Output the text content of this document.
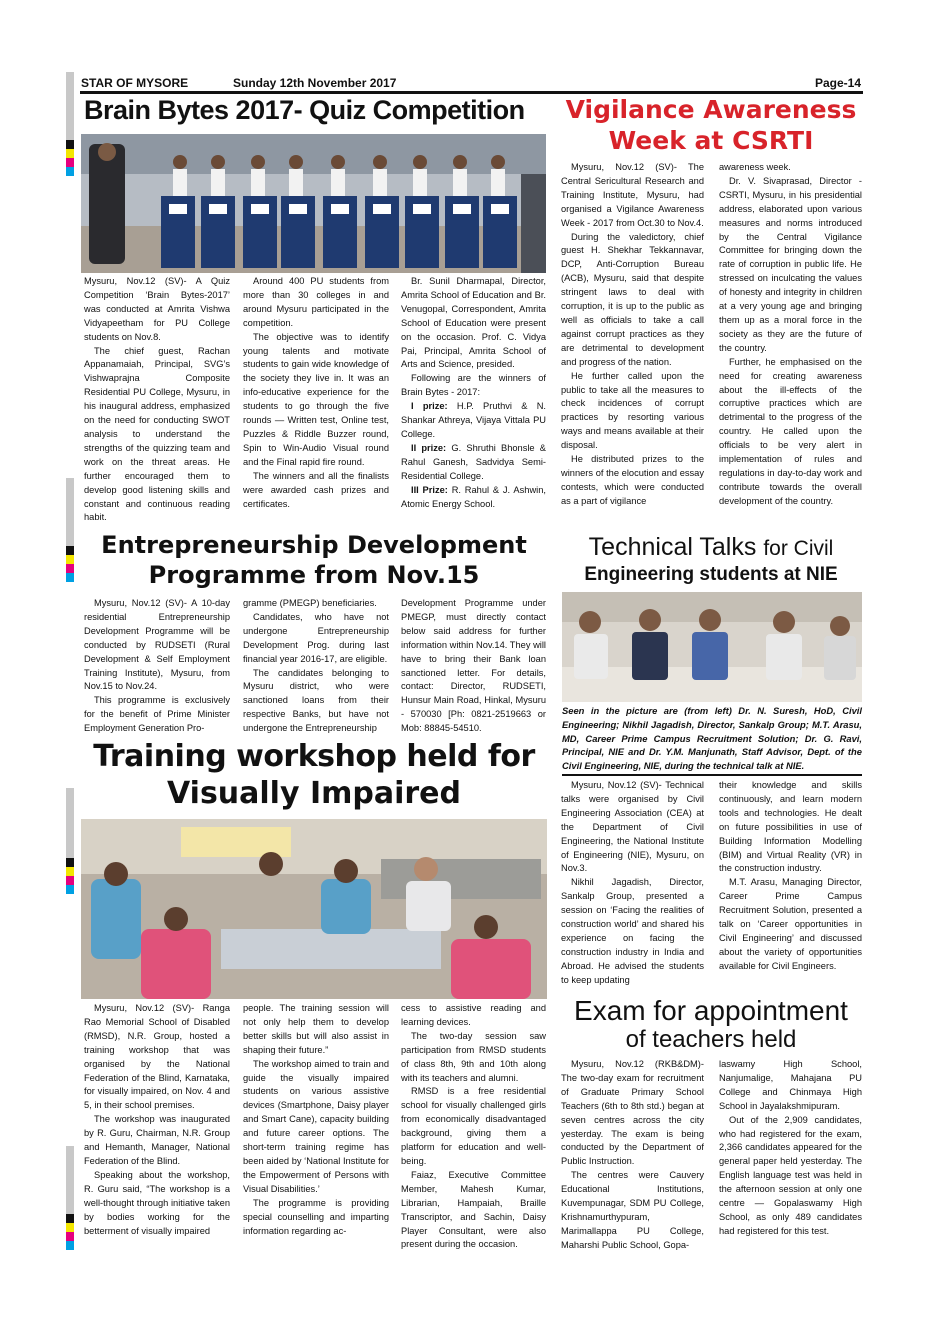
STAR OF MYSORE	Sunday 12th November 2017	Page-14
Brain Bytes 2017- Quiz Competition

Mysuru, Nov.12 (SV)- A Quiz Competition ‘Brain Bytes-2017’ was conducted at Amrita Vishwa Vidyapeetham for PU College students on Nov.8.

The chief guest, Rachan Appanamaiah, Principal, SVG’s Vishwaprajna Composite Residential PU College, Mysuru, in his inaugural address, emphasized on the need for conducting SWOT analysis to understand the strengths of the quizzing team and work on the threat areas. He further encouraged them to develop good listening skills and constant and continuous reading habit.

Around 400 PU students from more than 30 colleges in and around Mysuru participated in the competition.

The objective was to identify young talents and motivate students to gain wide knowledge of the society they live in. It was an info-educative experience for the students to go through the five rounds — Written test, Online test, Puzzles & Riddle Buzzer round, Spin to Win-Audio Visual round and the Final rapid fire round.

The winners and all the finalists were awarded cash prizes and certificates.

Br. Sunil Dharmapal, Director, Amrita School of Education and Br. Venugopal, Correspondent, Amrita School of Education were present on the occasion. Prof. C. Vidya Pai, Principal, Amrita School of Arts and Science, presided.

Following are the winners of Brain Bytes - 2017:

I prize: H.P. Pruthvi & N. Shankar Athreya, Vijaya Vittala PU College.

II prize: G. Shruthi Bhonsle & Rahul Ganesh, Sadvidya Semi-Residential College.

III Prize: R. Rahul & J. Ashwin, Atomic Energy School.

Vigilance Awareness
Week at CSRTI

Mysuru, Nov.12 (SV)- The Central Sericultural Research and Training Institute, Mysuru, had organised a Vigilance Awareness Week - 2017 from Oct.30 to Nov.4.

During the valedictory, chief guest H. Shekhar Tekkannavar, DCP, Anti-Corruption Bureau (ACB), Mysuru, said that despite stringent laws to deal with corruption, it is up to the public as well as officials to take a call against corrupt practices as they are detrimental to development and progress of the nation.

He further called upon the public to take all the measures to check incidences of corrupt practices by resorting various ways and means available at their disposal.

He distributed prizes to the winners of the elocution and essay contests, which were conducted as a part of vigilance

awareness week.

Dr. V. Sivaprasad, Director - CSRTI, Mysuru, in his presidential address, elaborated upon various measures and norms introduced by the Central Vigilance Committee for bringing down the rate of corruption in public life. He stressed on inculcating the values of honesty and integrity in children at a very young age and bringing them up as a moral force in the society as they are the future of the country.

Further, he emphasised on the need for creating awareness about the ill-effects of the corruptive practices which are detrimental to the progress of the country. He called upon the officials to be very alert in implementation of rules and regulations in day-to-day work and contribute towards the overall development of the country.

Entrepreneurship Development
Programme from Nov.15

Mysuru, Nov.12 (SV)- A 10-day residential Entrepreneurship Development Programme will be conducted by RUDSETI (Rural Development & Self Employment Training Institute), Mysuru, from Nov.15 to Nov.24.

This programme is exclusively for the benefit of Prime Minister Employment Generation Pro-

gramme (PMEGP) beneficiaries.

Candidates, who have not undergone Entrepreneurship Development Prog. during last financial year 2016-17, are eligible.

The candidates belonging to Mysuru district, who were sanctioned loans from their respective Banks, but have not undergone the Entrepreneurship

Development Programme under PMEGP, must directly contact below said address for further information within Nov.14. They will have to bring their Bank loan sanctioned letter. For details, contact: Director, RUDSETI, Hunsur Main Road, Hinkal, Mysuru - 570030 [Ph: 0821-2519663 or Mob: 88845-54510.

Technical Talks for Civil
Engineering students at NIE
Seen in the picture are (from left) Dr. N. Suresh, HoD, Civil Engineering; Nikhil Jagadish, Director, Sankalp Group; M.T. Arasu, MD, Career Prime Campus Recruitment Solution; Dr. G. Ravi, Principal, NIE and Dr. Y.M. Manjunath, Staff Advisor, Dept. of the Civil Engineering, NIE, during the technical talk at NIE.

Mysuru, Nov.12 (SV)- Technical talks were organised by Civil Engineering Association (CEA) at the Department of Civil Engineering, the National Institute of Engineering (NIE), Mysuru, on Nov.3.

Nikhil Jagadish, Director, Sankalp Group, presented a session on ‘Facing the realities of construction world’ and shared his experience on facing the construction industry in India and Abroad. He advised the students to keep updating

their knowledge and skills continuously, and learn modern tools and technologies. He dealt on future possibilities in use of Building Information Modelling (BIM) and Virtual Reality (VR) in the construction industry.

M.T. Arasu, Managing Director, Career Prime Campus Recruitment Solution, presented a talk on ‘Career opportunities in Civil Engineering’ and discussed about the variety of opportunities available for Civil Engineers.

Training workshop held for
Visually Impaired

Mysuru, Nov.12 (SV)- Ranga Rao Memorial School of Disabled (RMSD), N.R. Group, hosted a training workshop that was organised by the National Federation of the Blind, Karnataka, for visually impaired, on Nov. 4 and 5, in their school premises.

The workshop was inaugurated by R. Guru, Chairman, N.R. Group and Hemanth, Manager, National Federation of the Blind.

Speaking about the workshop, R. Guru said, “The workshop is a well-thought through initiative taken by bodies working for the betterment of visually impaired

people. The training session will not only help them to develop better skills but will also assist in shaping their future.”

The workshop aimed to train and guide the visually impaired students on various assistive devices (Smartphone, Daisy player and Smart Cane), capacity building and future career options. The short-term training regime has been aided by ‘National Institute for the Empowerment of Persons with Visual Disabilities.’

The programme is providing special counselling and imparting information regarding ac-

cess to assistive reading and learning devices.

The two-day session saw participation from RMSD students of class 8th, 9th and 10th along with its teachers and alumni.

RMSD is a free residential school for visually challenged girls from economically disadvantaged background, giving them a platform for education and well-being.

Faiaz, Executive Committee Member, Mahesh Kumar, Librarian, Hampaiah, Braille Transcriptor, and Sachin, Daisy Player Consultant, were also present during the occasion.

Exam for appointment
of teachers held

Mysuru, Nov.12 (RKB&DM)- The two-day exam for recruitment of Graduate Primary School Teachers (6th to 8th std.) began at seven centres across the city yesterday. The exam is being conducted by the Department of Public Instruction.

The centres were Cauvery Educational Institutions, Kuvempunagar, SDM PU College, Krishnamurthypuram, Marimallappa PU College, Maharshi Public School, Gopa-

laswamy High School, Nanjumalige, Mahajana PU College and Chinmaya High School in Jayalakshmipuram.

Out of the 2,909 candidates, who had registered for the exam, 2,366 candidates appeared for the general paper held yesterday. The English language test was held in the afternoon session at only one centre — Gopalaswamy High School, as only 489 candidates had registered for this test.
